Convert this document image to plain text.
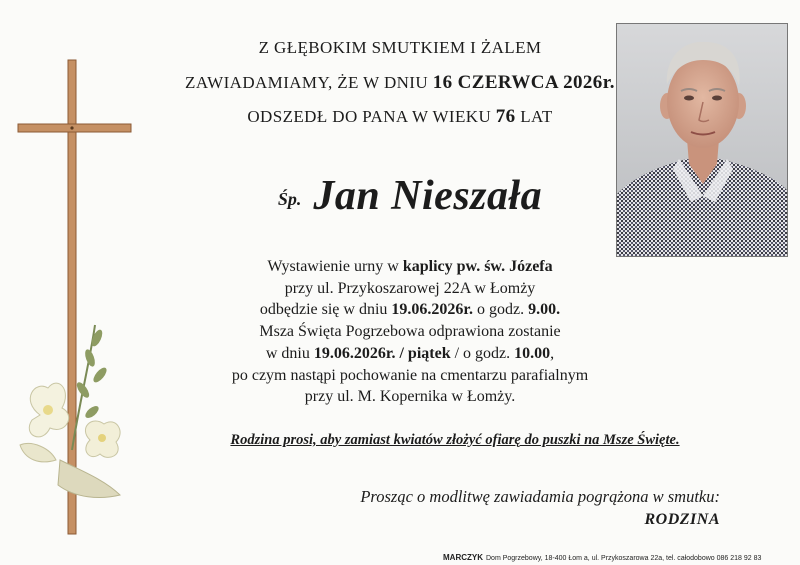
Z GŁĘBOKIM SMUTKIEM I ŻALEM
ZAWIADAMIAMY, ŻE W DNIU 16 CZERWCA 2026r.
ODSZEDŁ DO PANA W WIEKU 76 LAT
Śp. Jan Nieszała

Wystawienie urny w kaplicy pw. św. Józefa

przy ul. Przykoszarowej 22A w Łomży

odbędzie się w dniu 19.06.2026r. o godz. 9.00.

Msza Święta Pogrzebowa odprawiona zostanie

w dniu 19.06.2026r. / piątek / o godz. 10.00,

po czym nastąpi pochowanie na cmentarzu parafialnym

przy ul. M. Kopernika w Łomży.

Rodzina prosi, aby zamiast kwiatów złożyć ofiarę do puszki na Msze Święte.

Prosząc o modlitwę zawiadamia pogrążona w smutku:

RODZINA

MARCZYK Dom Pogrzebowy, 18-400 Łom a, ul. Przykoszarowa 22a, tel. całodobowo 086 218 92 83
